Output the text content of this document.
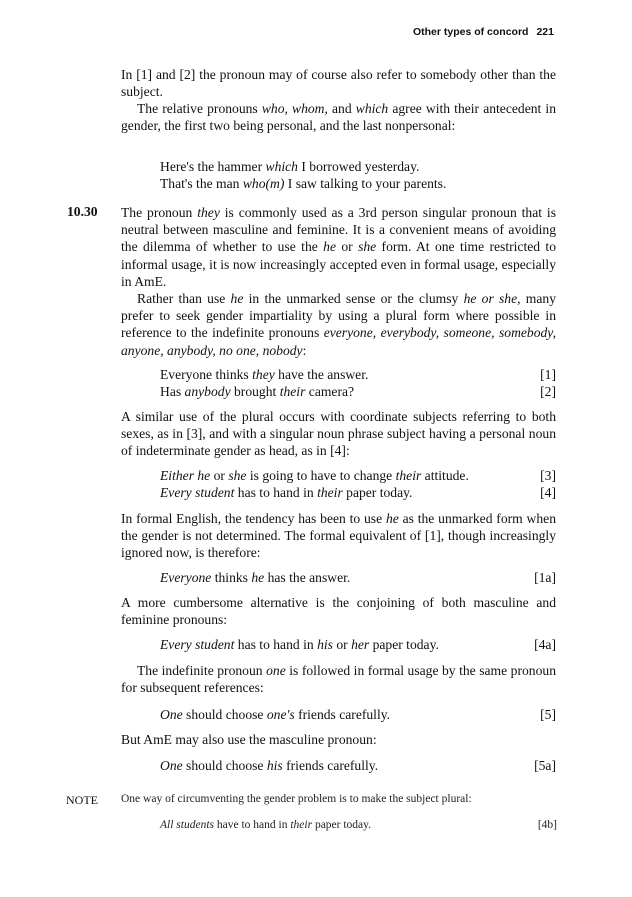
Other types of concord 221

In [1] and [2] the pronoun may of course also refer to somebody other than the subject.

The relative pronouns who, whom, and which agree with their antecedent in gender, the first two being personal, and the last nonpersonal:

Here's the hammer which I borrowed yesterday.
That's the man who(m) I saw talking to your parents.
10.30 The pronoun they is commonly used as a 3rd person singular pronoun that is neutral between masculine and feminine. It is a convenient means of avoiding the dilemma of whether to use the he or she form. At one time restricted to informal usage, it is now increasingly accepted even in formal usage, especially in AmE.

Rather than use he in the unmarked sense or the clumsy he or she, many prefer to seek gender impartiality by using a plural form where possible in reference to the indefinite pronouns everyone, everybody, someone, somebody, anyone, anybody, no one, nobody:

Everyone thinks they have the answer.	[1]
Has anybody brought their camera?	[2]

A similar use of the plural occurs with coordinate subjects referring to both sexes, as in [3], and with a singular noun phrase subject having a personal noun of indeterminate gender as head, as in [4]:

Either he or she is going to have to change their attitude.	[3]
Every student has to hand in their paper today.	[4]

In formal English, the tendency has been to use he as the unmarked form when the gender is not determined. The formal equivalent of [1], though increasingly ignored now, is therefore:

Everyone thinks he has the answer.	[1a]

A more cumbersome alternative is the conjoining of both masculine and feminine pronouns:

Every student has to hand in his or her paper today.	[4a]

The indefinite pronoun one is followed in formal usage by the same pronoun for subsequent references:

One should choose one's friends carefully.	[5]

But AmE may also use the masculine pronoun:

One should choose his friends carefully.	[5a]
NOTE One way of circumventing the gender problem is to make the subject plural:
All students have to hand in their paper today.	[4b]
